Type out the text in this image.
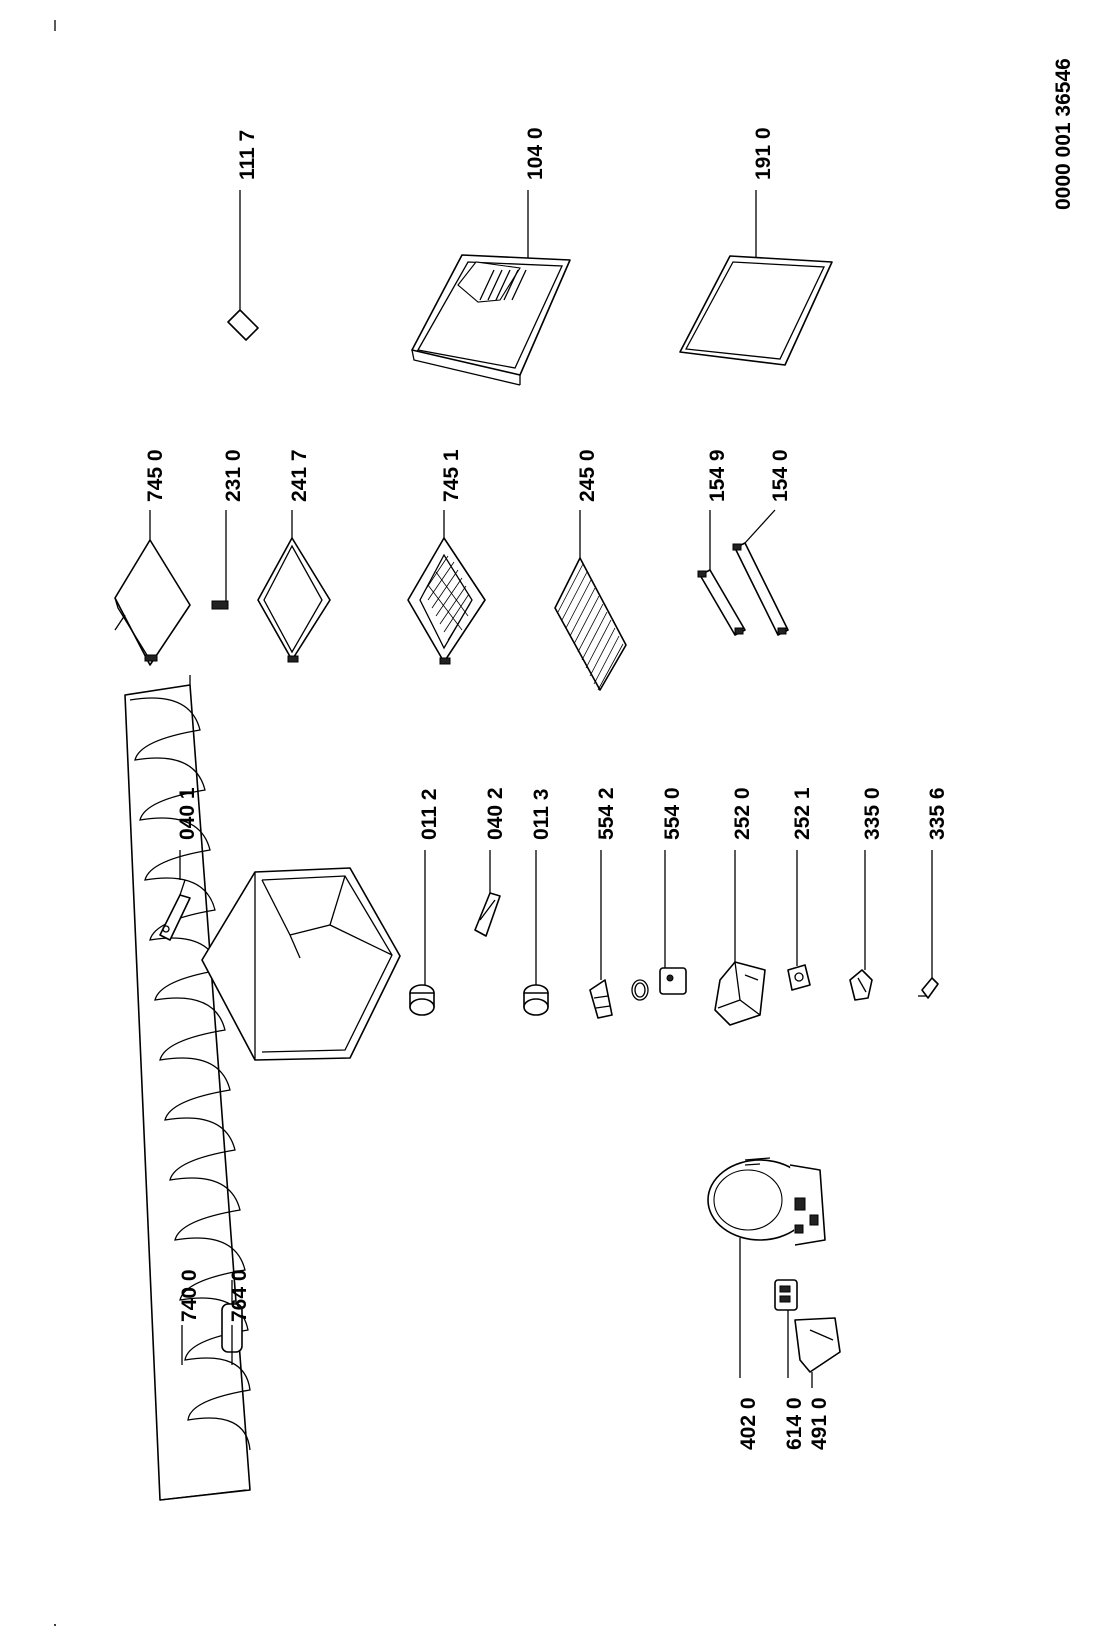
0000 001 36546
740 0 764 0
402 0 614 0 491 0
040 1	011 2 040 2 011 3 554 2 554 0 252 0 252 1 335 0 335 6
745 0	231 0 241 7	745 1	245 0	154 9 154 0
111 7	104 0	191 0
